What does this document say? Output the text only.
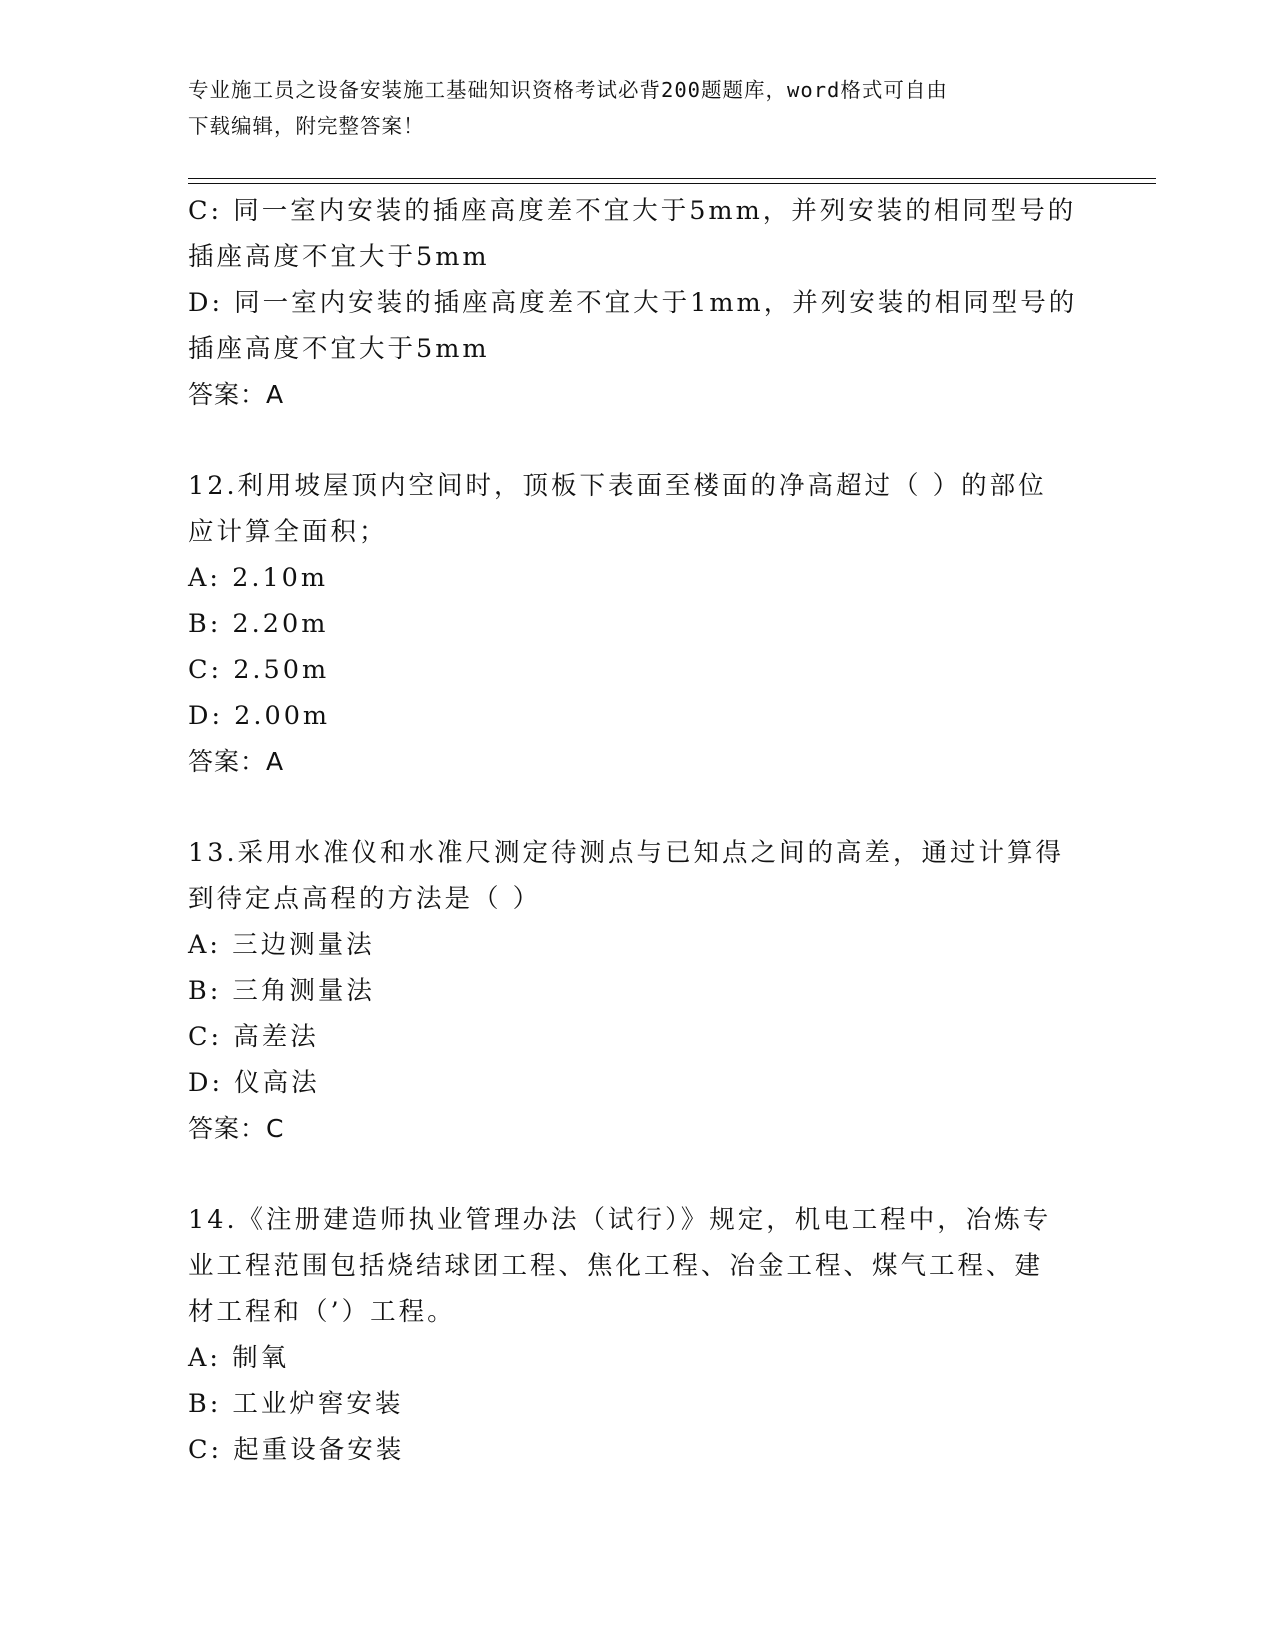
专业施工员之设备安装施工基础知识资格考试必背200题题库，word格式可自由
下载编辑，附完整答案！
C: 同一室内安装的插座高度差不宜大于5mm，并列安装的相同型号的
插座高度不宜大于5mm
D: 同一室内安装的插座高度差不宜大于1mm，并列安装的相同型号的
插座高度不宜大于5mm
答案：A
12.利用坡屋顶内空间时，顶板下表面至楼面的净高超过（ ）的部位
应计算全面积；
A: 2.10m
B: 2.20m
C: 2.50m
D: 2.00m
答案：A
13.采用水准仪和水准尺测定待测点与已知点之间的高差，通过计算得
到待定点高程的方法是（ ）
A: 三边测量法
B: 三角测量法
C: 高差法
D: 仪高法
答案：C
14.《注册建造师执业管理办法（试行）》规定，机电工程中，冶炼专
业工程范围包括烧结球团工程、焦化工程、冶金工程、煤气工程、建
材工程和（’）工程。
A: 制氧
B: 工业炉窖安装
C: 起重设备安装
